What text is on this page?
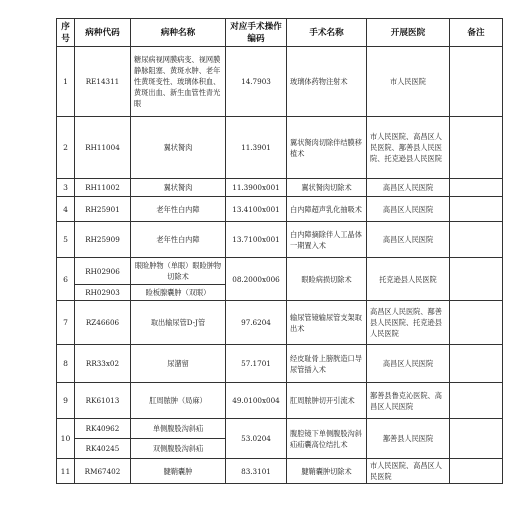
序号	病种代码	病种名称	对应手术操作编码	手术名称	开展医院	备注
1	RE14311	糖尿病视网膜病变、视网膜静脉阻塞、黄斑水肿、老年性黄斑变性、玻璃体积血、黄斑出血、新生血管性青光眼	14.7903	玻璃体药物注射术	市人民医院	
2	RH11004	翼状胬肉	11.3901	翼状胬肉切除伴结膜移植术	市人民医院、高昌区人民医院、鄯善县人民医院、托克逊县人民医院	
3	RH11002	翼状胬肉	11.3900x001	翼状胬肉切除术	高昌区人民医院	
4	RH25901	老年性白内障	13.4100x001	白内障超声乳化抽吸术	高昌区人民医院	
5	RH25909	老年性白内障	13.7100x001	白内障摘除伴人工晶体一期置入术	高昌区人民医院	
6	RH02906	眼睑肿物（单眼）眼睑肿物切除术	08.2000x006	眼睑病损切除术	托克逊县人民医院	
	RH02903	睑板腺囊肿（双眼）				
7	RZ46606	取出输尿管D-J管	97.6204	输尿管镜输尿管支架取出术	高昌区人民医院、鄯善县人民医院、托克逊县人民医院	
8	RR33x02	尿潴留	57.1701	经皮耻骨上膀胱造口导尿管插入术	高昌区人民医院	
9	RK61013	肛周脓肿（局麻）	49.0100x004	肛周脓肿切开引流术	鄯善县鲁克沁医院、高昌区人民医院	
10	RK40962	单侧腹股沟斜疝	53.0204	腹腔镜下单侧腹股沟斜疝疝囊高位结扎术	鄯善县人民医院	
	RK40245	双侧腹股沟斜疝				
11	RM67402	腱鞘囊肿	83.3101	腱鞘囊肿切除术	市人民医院、高昌区人民医院	
